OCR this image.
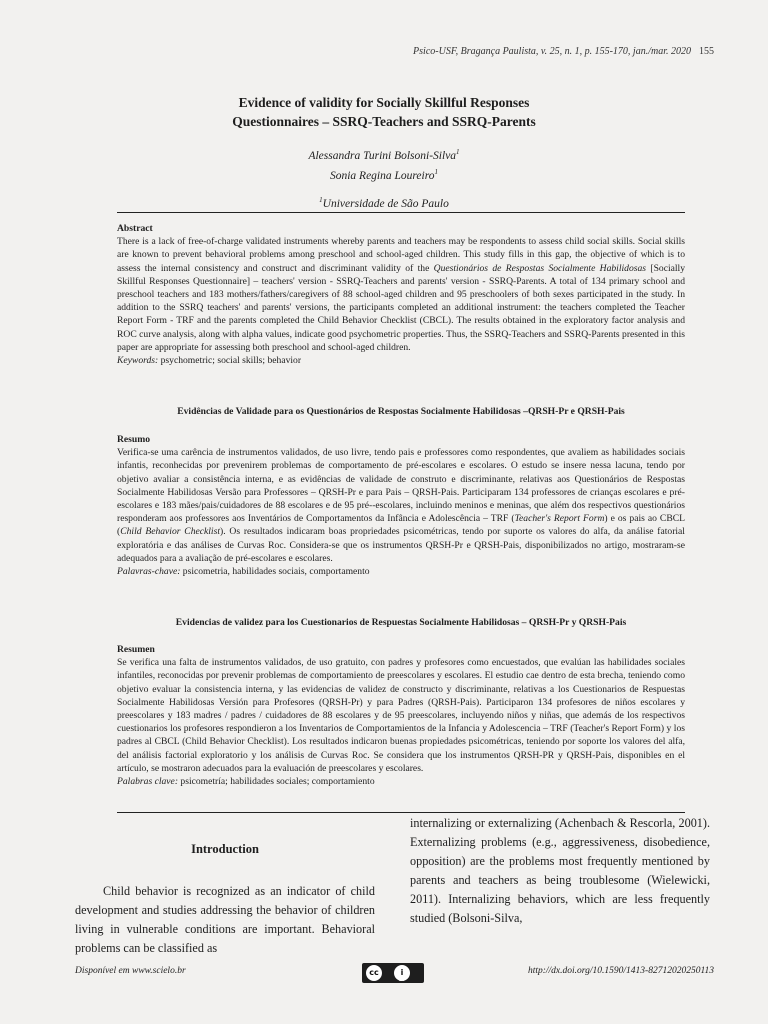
Psico-USF, Bragança Paulista, v. 25, n. 1, p. 155-170, jan./mar. 2020 155
Evidence of validity for Socially Skillful Responses
Questionnaires – SSRQ-Teachers and SSRQ-Parents
Alessandra Turini Bolsoni-Silva$^1$
Sonia Regina Loureiro$^1$
$^1$Universidade de São Paulo
Abstract

There is a lack of free-of-charge validated instruments whereby parents and teachers may be respondents to assess child social skills. Social skills are known to prevent behavioral problems among preschool and school-aged children. This study fills in this gap, the objective of which is to assess the internal consistency and construct and discriminant validity of the Questionários de Respostas Socialmente Habilidosas [Socially Skillful Responses Questionnaire] – teachers' version - SSRQ-Teachers and parents' version - SSRQ-Parents. A total of 134 primary school and preschool teachers and 183 mothers/fathers/caregivers of 88 school-aged children and 95 preschoolers of both sexes participated in the study. In addition to the SSRQ teachers' and parents' versions, the participants completed an additional instrument: the teachers completed the Teacher Report Form - TRF and the parents completed the Child Behavior Checklist (CBCL). The results obtained in the exploratory factor analysis and ROC curve analysis, along with alpha values, indicate good psychometric properties. Thus, the SSRQ-Teachers and SSRQ-Parents presented in this paper are appropriate for assessing both preschool and school-aged children.

Keywords: psychometric; social skills; behavior
Evidências de Validade para os Questionários de Respostas Socialmente Habilidosas –QRSH-Pr e QRSH-Pais
Resumo

Verifica-se uma carência de instrumentos validados, de uso livre, tendo pais e professores como respondentes, que avaliem as habilidades sociais infantis, reconhecidas por prevenirem problemas de comportamento de pré-escolares e escolares. O estudo se insere nessa lacuna, tendo por objetivo avaliar a consistência interna, e as evidências de validade de construto e discriminante, relativas aos Questionários de Respostas Socialmente Habilidosas Versão para Professores – QRSH-Pr e para Pais – QRSH-Pais. Participaram 134 professores de crianças escolares e pré-escolares e 183 mães/pais/cuidadores de 88 escolares e de 95 pré--escolares, incluindo meninos e meninas, que além dos respectivos questionários responderam aos professores aos Inventários de Comportamentos da Infância e Adolescência – TRF (Teacher's Report Form) e os pais ao CBCL (Child Behavior Checklist). Os resultados indicaram boas propriedades psicométricas, tendo por suporte os valores do alfa, da análise fatorial exploratória e das análises de Curvas Roc. Considera-se que os instrumentos QRSH-Pr e QRSH-Pais, disponibilizados no artigo, mostraram-se adequados para a avaliação de pré-escolares e escolares.

Palavras-chave: psicometria, habilidades sociais, comportamento
Evidencias de validez para los Cuestionarios de Respuestas Socialmente Habilidosas – QRSH-Pr y QRSH-Pais
Resumen

Se verifica una falta de instrumentos validados, de uso gratuito, con padres y profesores como encuestados, que evalúan las habilidades sociales infantiles, reconocidas por prevenir problemas de comportamiento de preescolares y escolares. El estudio cae dentro de esta brecha, teniendo como objetivo evaluar la consistencia interna, y las evidencias de validez de constructo y discriminante, relativas a los Cuestionarios de Respuestas Socialmente Habilidosas Versión para Profesores (QRSH-Pr) y para Padres (QRSH-Pais). Participaron 134 profesores de niños escolares y preescolares y 183 madres / padres / cuidadores de 88 escolares y de 95 preescolares, incluyendo niños y niñas, que además de los respectivos cuestionarios los profesores respondieron a los Inventarios de Comportamientos de la Infancia y Adolescencia – TRF (Teacher's Report Form) y los padres al CBCL (Child Behavior Checklist). Los resultados indicaron buenas propiedades psicométricas, teniendo por soporte los valores del alfa, del análisis factorial exploratorio y los análisis de Curvas Roc. Se considera que los instrumentos QRSH-PR y QRSH-Pais, disponibles en el artículo, se mostraron adecuados para la evaluación de preescolares y escolares.

Palabras clave: psicometría; habilidades sociales; comportamiento
Introduction

Child behavior is recognized as an indicator of child development and studies addressing the behavior of children living in vulnerable conditions are important. Behavioral problems can be classified as

internalizing or externalizing (Achenbach & Rescorla, 2001). Externalizing problems (e.g., aggressiveness, disobedience, opposition) are the problems most frequently mentioned by parents and teachers as being troublesome (Wielewicki, 2011). Internalizing behaviors, which are less frequently studied (Bolsoni-Silva,

Disponível em www.scielo.br	cc	i
BY
http://dx.doi.org/10.1590/1413-82712020250113
